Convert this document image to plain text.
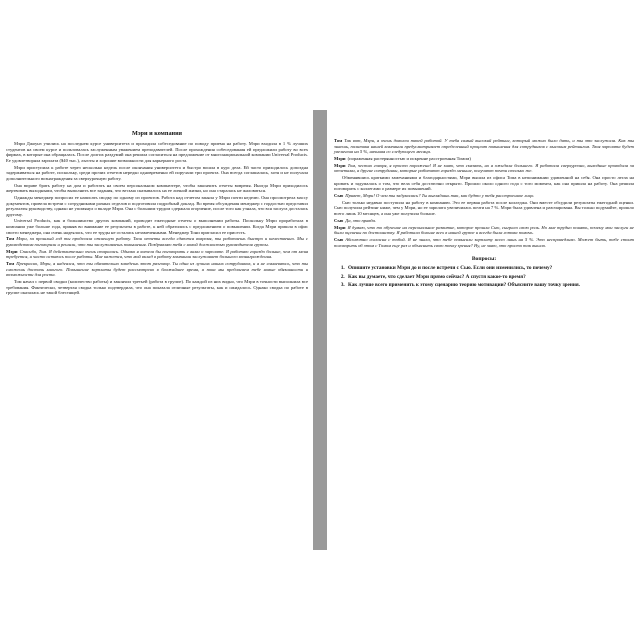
Мэри и компания

Мэри Джоунз учились на последнем курсе университета и проходила собеседование по поводу приема на работу. Мэри входила в 1 % лучших студентов на своем курсе и пользовалась заслуженным уважением преподавателей. После прохождения собеседования ей предложили работу во всех фирмах, в которые она обращалась. После долгих раздумий она решила согласиться на предложение от многонациональной компании Universal Products. Ее удовлетворяла зарплата ($40 тыс.), льготы и хорошие возможности для карьерного роста.

Мэри приступила к работе через несколько недель после окончания университета и быстро вошла в курс дела. Ей часто приходилось допоздна задерживаться на работе, поскольку, среди прочих отчетов нередко одновременно ей поручали три проекта. Она всегда соглашалась, хотя и не получала дополнительного вознаграждения за сверхурочную работу.

Она вправе брать работу на дом и работать на своем персональном компьютере, чтобы закончить отчеты вовремя. Иногда Мэри приходилось жертвовать выходными, чтобы выполнить все задания, что весьма сказывалось на ее личной жизни, но она старалась не жаловаться.

Однажды менеджер попросил ее написать сводку по одному из проектов. Работа над отчетом заняла у Мэри почти неделю. Она просмотрела массу документов, провела встречи с сотрудниками разных отделов и подготовила подробный доклад. Во время обсуждения менеджер с гордостью представил результаты руководству, однако не упомянул о вкладе Мэри. Она с большим трудом сдержала огорчение, после того как узнала, что вся заслуга досталась другому.

Universal Products, как и большинство других компаний, проводит ежегодные отчеты о выполнении работы. Поскольку Мэри проработала в компании уже больше года, приняв во внимание ее результаты в работе, к ней обратились с предложением о повышении. Когда Мэри пришла в офис своего менеджера, она очень надеялась, что ее труды не остались незамеченными. Менеджер Тони пригласил ее присесть.

Том Мэри, за прошлый год ты проделала отличную работу. Твои отчеты всегда сдаются вовремя, ты работаешь быстро и качественно. Мы с руководством поговорили и решили, что ты заслуживаешь повышения. Поздравляю тебя с новой должностью руководителя группы.

Мэри Спасибо, Том. Я действительно очень старалась. Однако я хотела бы поговорить с вами о зарплате. Я работаю гораздо больше, чем от меня требуется, и часто остаюсь после работы. Мне кажется, что мой вклад в работу компании заслуживает большего вознаграждения.

Том Прекрасно, Мэри, я надеялся, что ты обязательно заведешь этот разговор. Ты одна из лучших наших сотрудников, и я не сомневаюсь, что ты сможешь достичь многого. Повышение зарплаты будет рассмотрено в ближайшее время, а пока мы предлагаем тебе новые обязанности и возможности для роста.

Том начал с первой сводки (количество работы) и закончил третьей (работа в группе). По каждой из них видно, что Мэри в точности выполнила все требования. Фактически, четвертая сводка только подтвердила, что она показала отличные результаты, как и ожидалось. Однако сводка по работе в группе оказалась не такой блестящей.

Том Так вот, Мэри, я очень доволен твоей работой. У тебя самый высокий рейтинг, который можно было дать, и ты это заслужила. Как ты знаешь, политика нашей компании предусматривает определенный процент повышения для сотрудников с высоким рейтингом. Твоя зарплата будет увеличена на 5 %, начиная со следующего месяца.

Мэри (пораженная растерянностью и искренне расстроенная Томом)

Мэри Том, честно говоря, я просто поражена! Я не знаю, что сказать, но я ожидала большего. Я работала сверхурочно, выходные проводила за отчетами, а другие сотрудники, которые работают гораздо меньше, получают почти столько же.

Обменявшись краткими замечаниями и благодарностями, Мэри вышла из офиса Тома в непонимании удавленной на себя. Она просто легла на кровать и задумалась о том, что вела себя достаточно открыто. Прошло около одного года с того момента, как она пришла на работу. Она решила поговорить с коллегами о размере их повышений.

Сью Привет, Мэри! О чем ты задумалась? Ты выглядишь так, как будто у тебя расстроенное лицо.

Сью только недавно поступила на работу в компанию. Это ее первая работа после колледжа. Они вместе обсудили результаты ежегодной оценки. Сью получила рейтинг ниже, чем у Мэри, но ее зарплата увеличилась почти на 7 %. Мэри была удивлена и разочарована. Вы только подумайте, прошло всего лишь 10 месяцев, а она уже получила больше.

Сью Да, это правда.

Мэри Я думаю, что то обучение на персональное развитие, которое прошла Сью, сыграло свою роль. Но мне трудно понять, почему мои заслуги не были оценены по достоинству. Я работала больше всех в нашей группе и всегда была готова помочь.

Сью Абсолютно согласна с тобой. Я не знала, что тебе повысили зарплату всего лишь на 5 %. Это несправедливо. Может быть, тебе стоит поговорить об этом с Томом еще раз и объяснить свою точку зрения? Ну, не знаю, это просто так вышло.

Вопросы:
1. Опишите установки Мэри до и после встречи с Сью. Если они изменились, то почему?
2. Как вы думаете, что сделает Мэри прямо сейчас? А спустя какое-то время?
3. Как лучше всего применить к этому сценарию теорию мотивации? Объясните вашу точку зрения.
